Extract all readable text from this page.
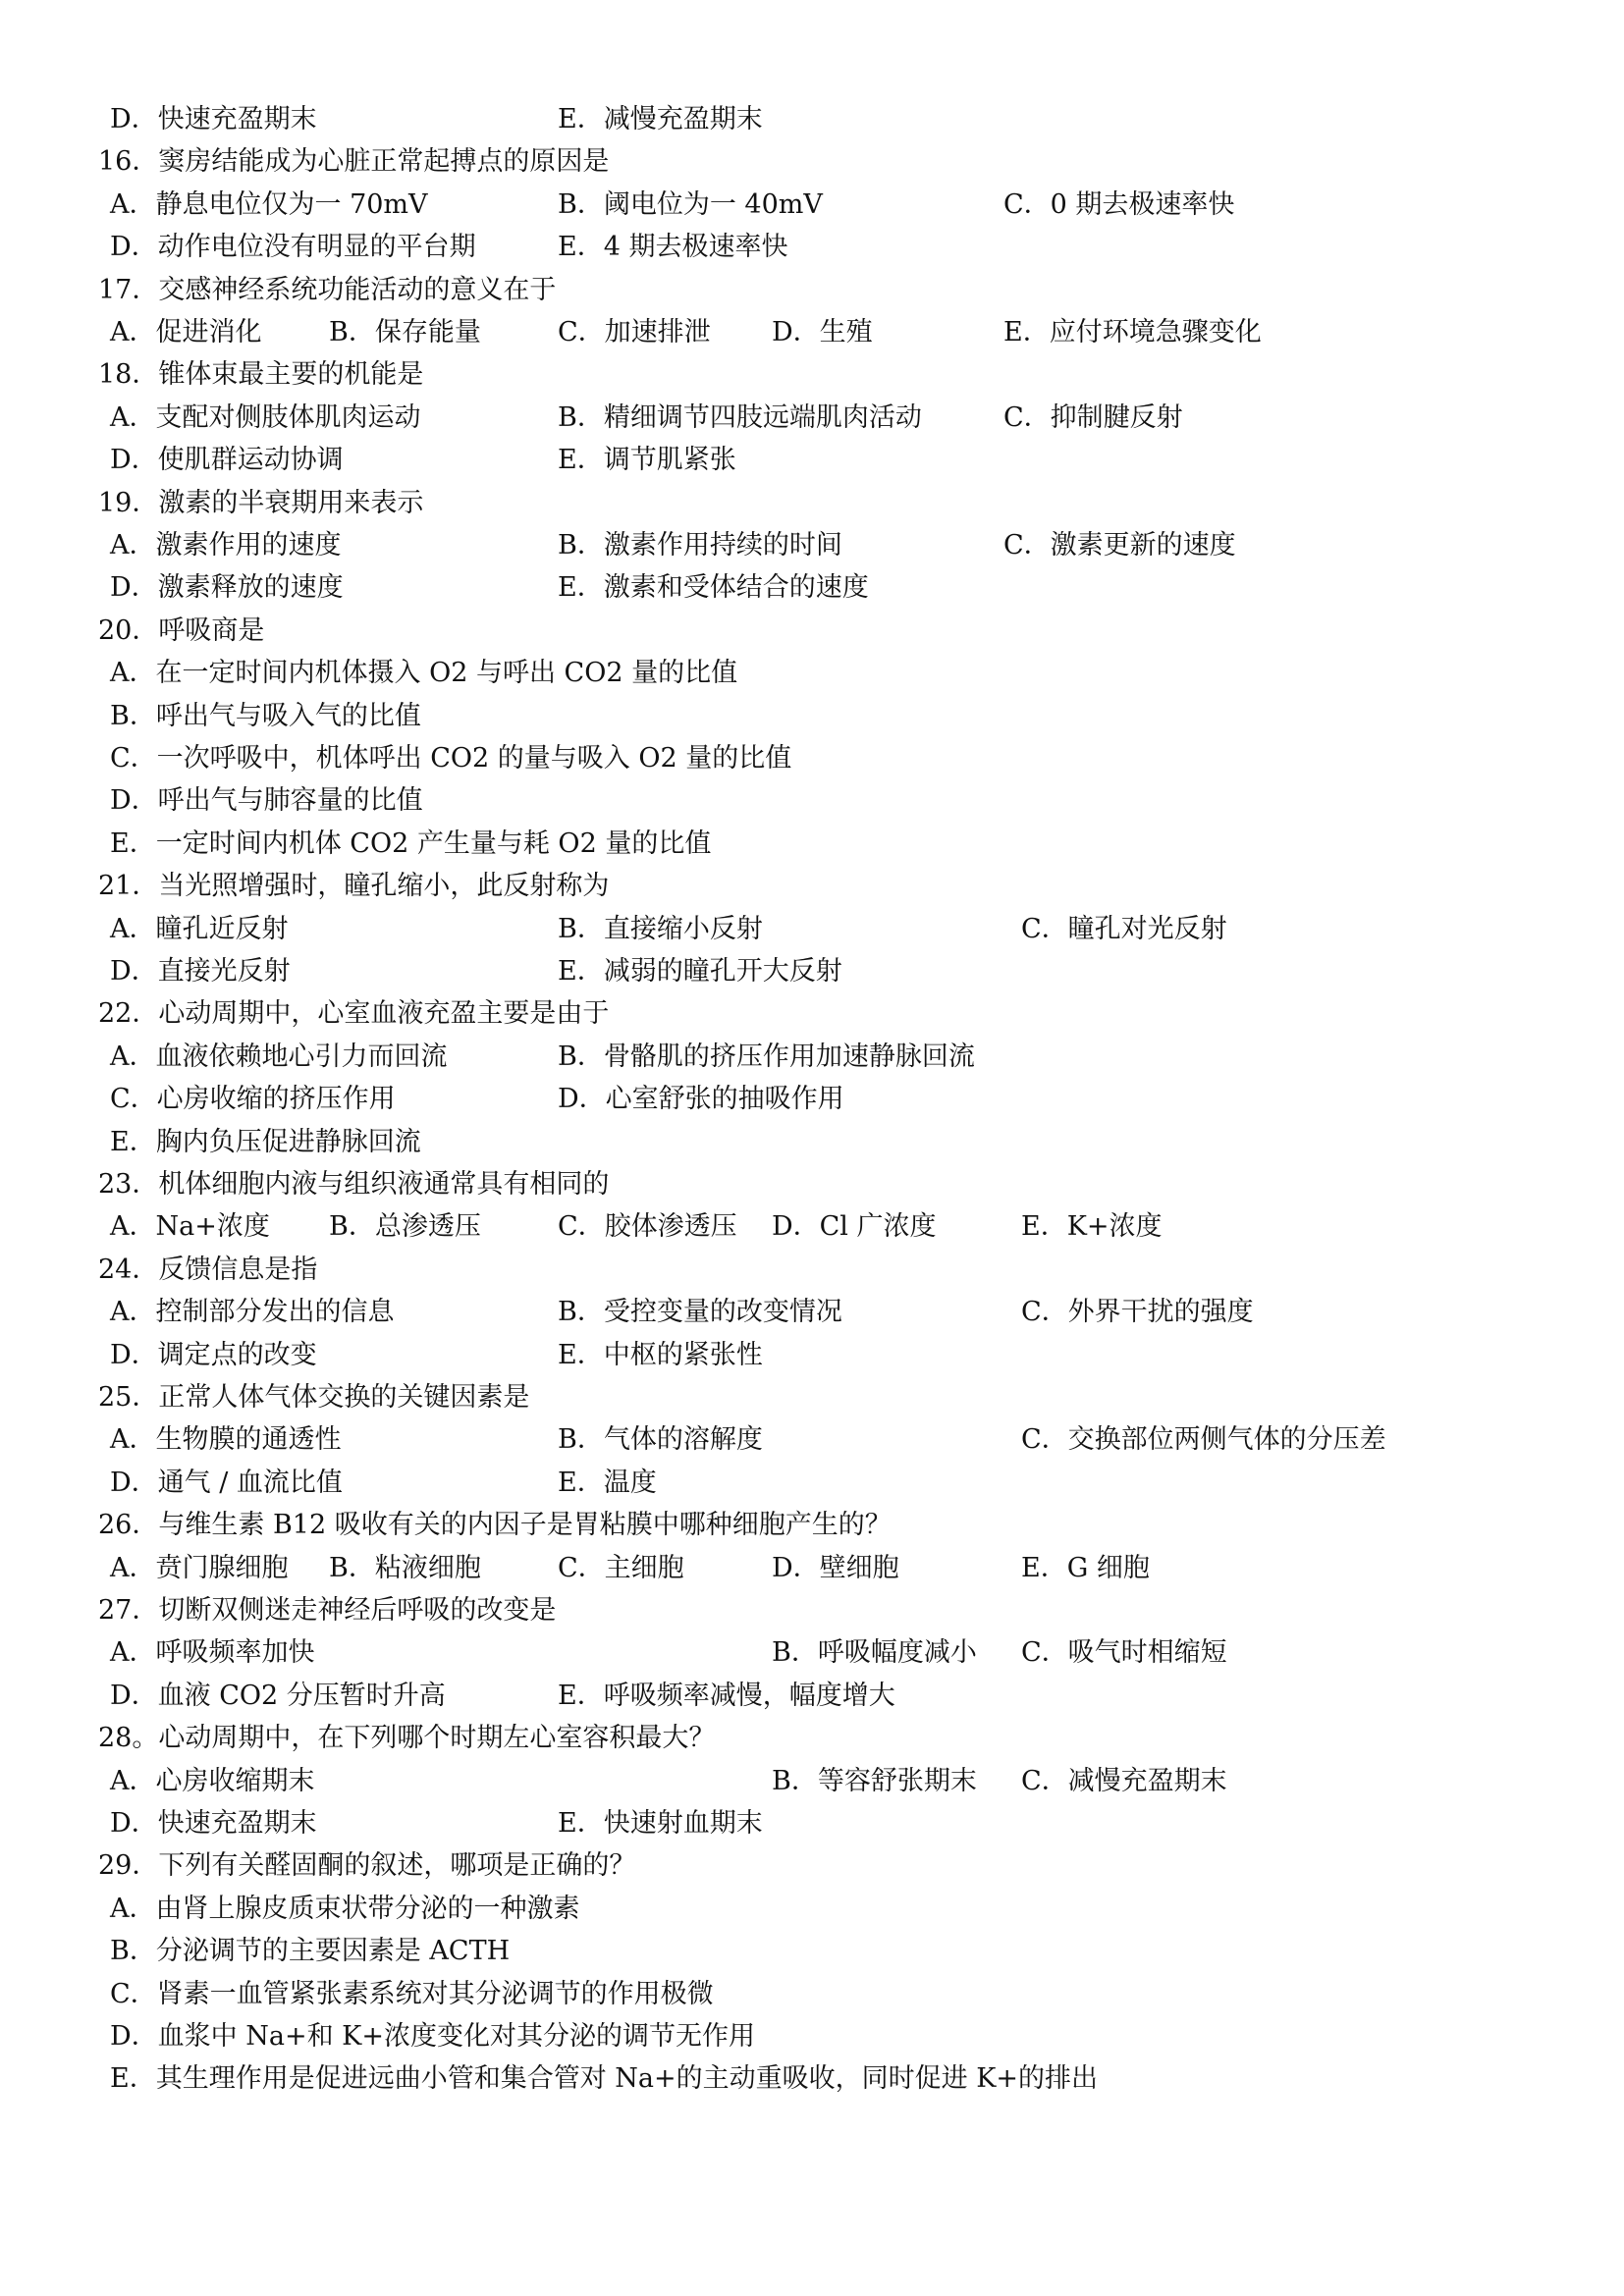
D．快速充盈期末	E．减慢充盈期末
16．窦房结能成为心脏正常起搏点的原因是
A．静息电位仅为一 70mV	B．阈电位为一 40mV	C．0 期去极速率快
D．动作电位没有明显的平台期	E．4 期去极速率快
17．交感神经系统功能活动的意义在于
A．促进消化	B．保存能量	C．加速排泄 D．生殖	E．应付环境急骤变化
18．锥体束最主要的机能是
A．支配对侧肢体肌肉运动	B．精细调节四肢远端肌肉活动	C．抑制腱反射
D．使肌群运动协调	E．调节肌紧张
19．激素的半衰期用来表示
A．激素作用的速度	B．激素作用持续的时间	C．激素更新的速度
D．激素释放的速度	E．激素和受体结合的速度
20．呼吸商是
A．在一定时间内机体摄入 O2 与呼出 CO2 量的比值
B．呼出气与吸入气的比值
C．一次呼吸中，机体呼出 CO2 的量与吸入 O2 量的比值
D．呼出气与肺容量的比值
E．一定时间内机体 CO2 产生量与耗 O2 量的比值
21．当光照增强时，瞳孔缩小，此反射称为
A．瞳孔近反射	B．直接缩小反射	C．瞳孔对光反射
D．直接光反射	E．减弱的瞳孔开大反射
22．心动周期中，心室血液充盈主要是由于
A．血液依赖地心引力而回流	B．骨骼肌的挤压作用加速静脉回流
C．心房收缩的挤压作用	D．心室舒张的抽吸作用
E．胸内负压促进静脉回流
23．机体细胞内液与组织液通常具有相同的
A．Na+浓度 B．总渗透压	C．胶体渗透压 D．Cl 广浓度	E．K+浓度
24．反馈信息是指
A．控制部分发出的信息	B．受控变量的改变情况	C．外界干扰的强度
D．调定点的改变	E．中枢的紧张性
25．正常人体气体交换的关键因素是
A．生物膜的通透性	B．气体的溶解度	C．交换部位两侧气体的分压差
D．通气 / 血流比值	E．温度
26．与维生素 B12 吸收有关的内因子是胃粘膜中哪种细胞产生的？
A．贲门腺细胞 B．粘液细胞	C．主细胞	D．壁细胞	E．G 细胞
27．切断双侧迷走神经后呼吸的改变是
A．呼吸频率加快	B．呼吸幅度减小 C．吸气时相缩短
D．血液 CO2 分压暂时升高	E．呼吸频率减慢，幅度增大
28。心动周期中，在下列哪个时期左心室容积最大？
A．心房收缩期末	B．等容舒张期末 C．减慢充盈期末
D．快速充盈期末	E．快速射血期末
29．下列有关醛固酮的叙述，哪项是正确的？
A．由肾上腺皮质束状带分泌的一种激素
B．分泌调节的主要因素是 ACTH
C．肾素一血管紧张素系统对其分泌调节的作用极微
D．血浆中 Na+和 K+浓度变化对其分泌的调节无作用
E．其生理作用是促进远曲小管和集合管对 Na+的主动重吸收，同时促进 K+的排出
